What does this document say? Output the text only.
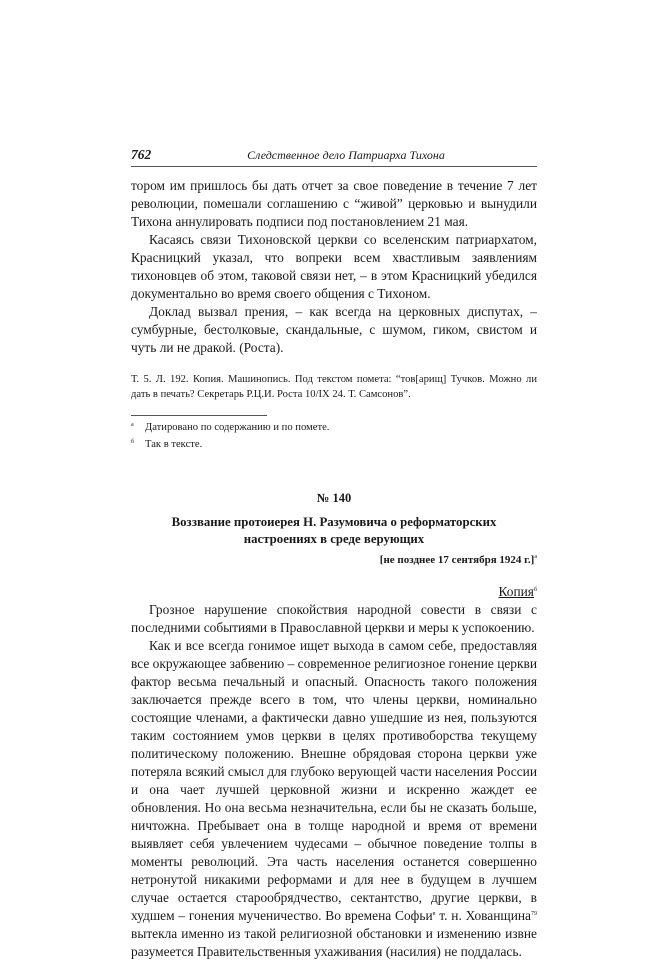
762	Следственное дело Патриарха Тихона

тором им пришлось бы дать отчет за свое поведение в течение 7 лет революции, помешали соглашению с “живой” церковью и вынудили Тихона аннулировать подписи под постановлением 21 мая.

Касаясь связи Тихоновской церкви со вселенским патриархатом, Красницкий указал, что вопреки всем хвастливым заявлениям тихоновцев об этом, таковой связи нет, – в этом Красницкий убедился документально во время своего общения с Тихоном.

Доклад вызвал прения, – как всегда на церковных диспутах, – сумбурные, бестолковые, скандальные, с шумом, гиком, свистом и чуть ли не дракой. (Роста).

Т. 5. Л. 192. Копия. Машинопись. Под текстом помета: “тов[арищ] Тучков. Можно ли дать в печать? Секретарь Р.Ц.И. Роста 10/IX 24. Т. Самсонов”.

а Датировано по содержанию и по помете.
б Так в тексте.
№ 140
Воззвание протоиерея Н. Разумовича о реформаторских настроениях в среде верующих
[не позднее 17 сентября 1924 г.]$^а$
Копия$^б$

Грозное нарушение спокойствия народной совести в связи с последними событиями в Православной церкви и меры к успокоению.

Как и все всегда гонимое ищет выхода в самом себе, предоставляя все окружающее забвению – современное религиозное гонение церкви фактор весьма печальный и опасный. Опасность такого положения заключается прежде всего в том, что члены церкви, номинально состоящие членами, а фактически давно ушедшие из нея, пользуются таким состоянием умов церкви в целях противоборства текущему политическому положению. Внешне обрядовая сторона церкви уже потеряла всякий смысл для глубоко верующей части населения России и она чает лучшей церковной жизни и искренно жаждет ее обновления. Но она весьма незначительна, если бы не сказать больше, ничтожна. Пребывает она в толще народной и время от времени выявляет себя увлечением чудесами – обычное поведение толпы в моменты революций. Эта часть населения останется совершенно нетронутой никакими реформами и для нее в будущем в лучшем случае остается старообрядчество, сектантство, другие церкви, в худшем – гонения мученичество. Во времена Софьи$^в$ т. н. Хованщина$^{79}$ вытекла именно из такой религиозной обстановки и изменению извне разумеется Правительственныя ухаживания (насилия) не поддалась.
